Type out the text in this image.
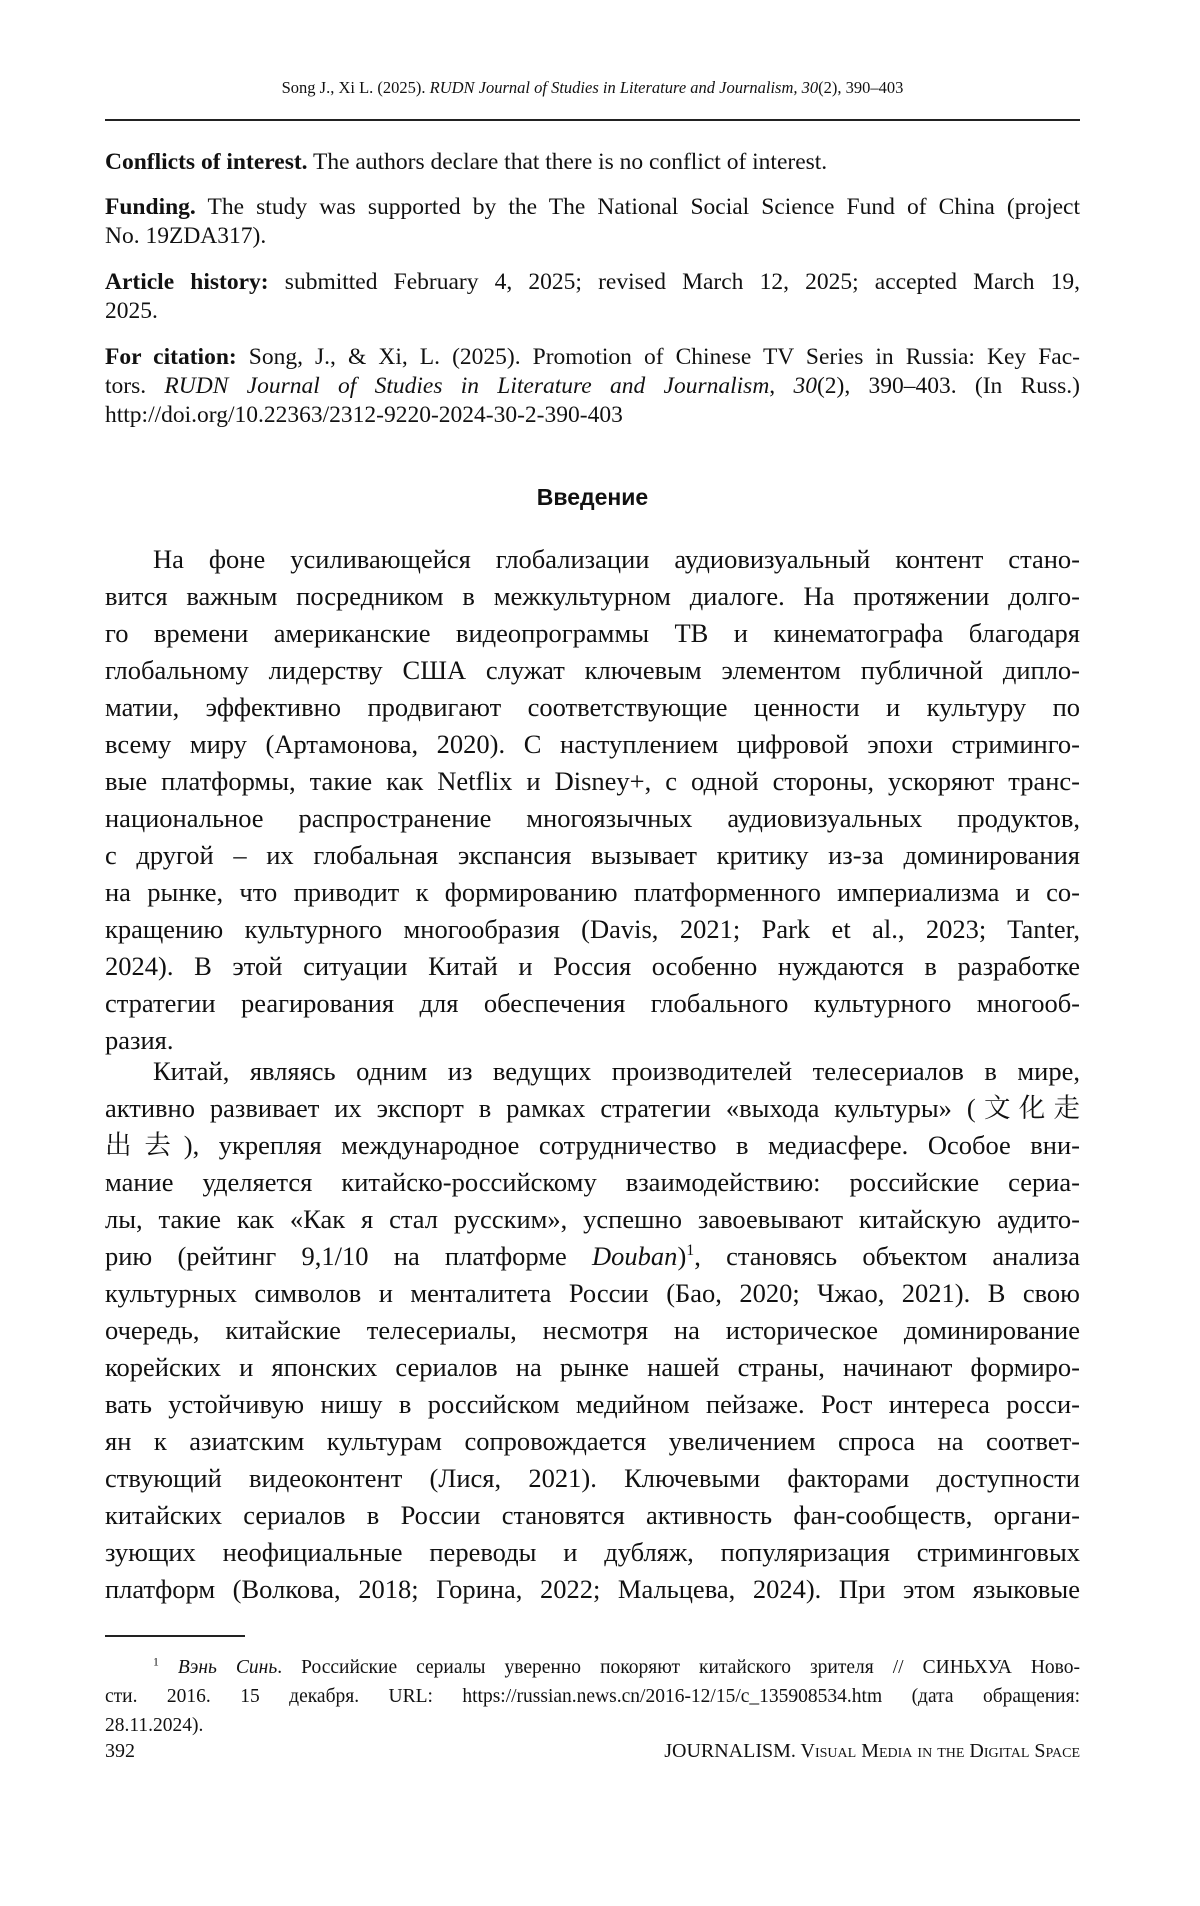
Song J., Xi L. (2025). RUDN Journal of Studies in Literature and Journalism, 30(2), 390–403
Conflicts of interest. The authors declare that there is no conflict of interest.
Funding. The study was supported by the The National Social Science Fund of China (project
No. 19ZDA317).
Article history: submitted February 4, 2025; revised March 12, 2025; accepted March 19,
2025.
For citation: Song, J., & Xi, L. (2025). Promotion of Chinese TV Series in Russia: Key Fac-
tors. RUDN Journal of Studies in Literature and Journalism, 30(2), 390–403. (In Russ.)
http://doi.org/10.22363/2312-9220-2024-30-2-390-403
Введение
На фоне усиливающейся глобализации аудиовизуальный контент стано-
вится важным посредником в межкультурном диалоге. На протяжении долго-
го времени американские видеопрограммы ТВ и кинематографа благодаря
глобальному лидерству США служат ключевым элементом публичной дипло-
матии, эффективно продвигают соответствующие ценности и культуру по
всему миру (Артамонова, 2020). С наступлением цифровой эпохи стриминго-
вые платформы, такие как Netflix и Disney+, с одной стороны, ускоряют транс-
национальное распространение многоязычных аудиовизуальных продуктов,
с другой – их глобальная экспансия вызывает критику из-за доминирования
на рынке, что приводит к формированию платформенного империализма и со-
кращению культурного многообразия (Davis, 2021; Park et al., 2023; Tanter,
2024). В этой ситуации Китай и Россия особенно нуждаются в разработке
стратегии реагирования для обеспечения глобального культурного многооб-
разия.
Китай, являясь одним из ведущих производителей телесериалов в мире,
активно развивает их экспорт в рамках стратегии «выхода культуры» (文化走
出去), укрепляя международное сотрудничество в медиасфере. Особое вни-
мание уделяется китайско-российскому взаимодействию: российские сериа-
лы, такие как «Как я стал русским», успешно завоевывают китайскую аудито-
рию (рейтинг 9,1/10 на платформе Douban)1, становясь объектом анализа
культурных символов и менталитета России (Бао, 2020; Чжао, 2021). В свою
очередь, китайские телесериалы, несмотря на историческое доминирование
корейских и японских сериалов на рынке нашей страны, начинают формиро-
вать устойчивую нишу в российском медийном пейзаже. Рост интереса росси-
ян к азиатским культурам сопровождается увеличением спроса на соответ-
ствующий видеоконтент (Лися, 2021). Ключевыми факторами доступности
китайских сериалов в России становятся активность фан-сообществ, органи-
зующих неофициальные переводы и дубляж, популяризация стриминговых
платформ (Волкова, 2018; Горина, 2022; Мальцева, 2024). При этом языковые
1 Вэнь Синь. Российские сериалы уверенно покоряют китайского зрителя // СИНЬХУА Ново-
сти. 2016. 15 декабря. URL: https://russian.news.cn/2016-12/15/c_135908534.htm (дата обращения:
28.11.2024).
392	JOURNALISM. Visual Media in the Digital Space
